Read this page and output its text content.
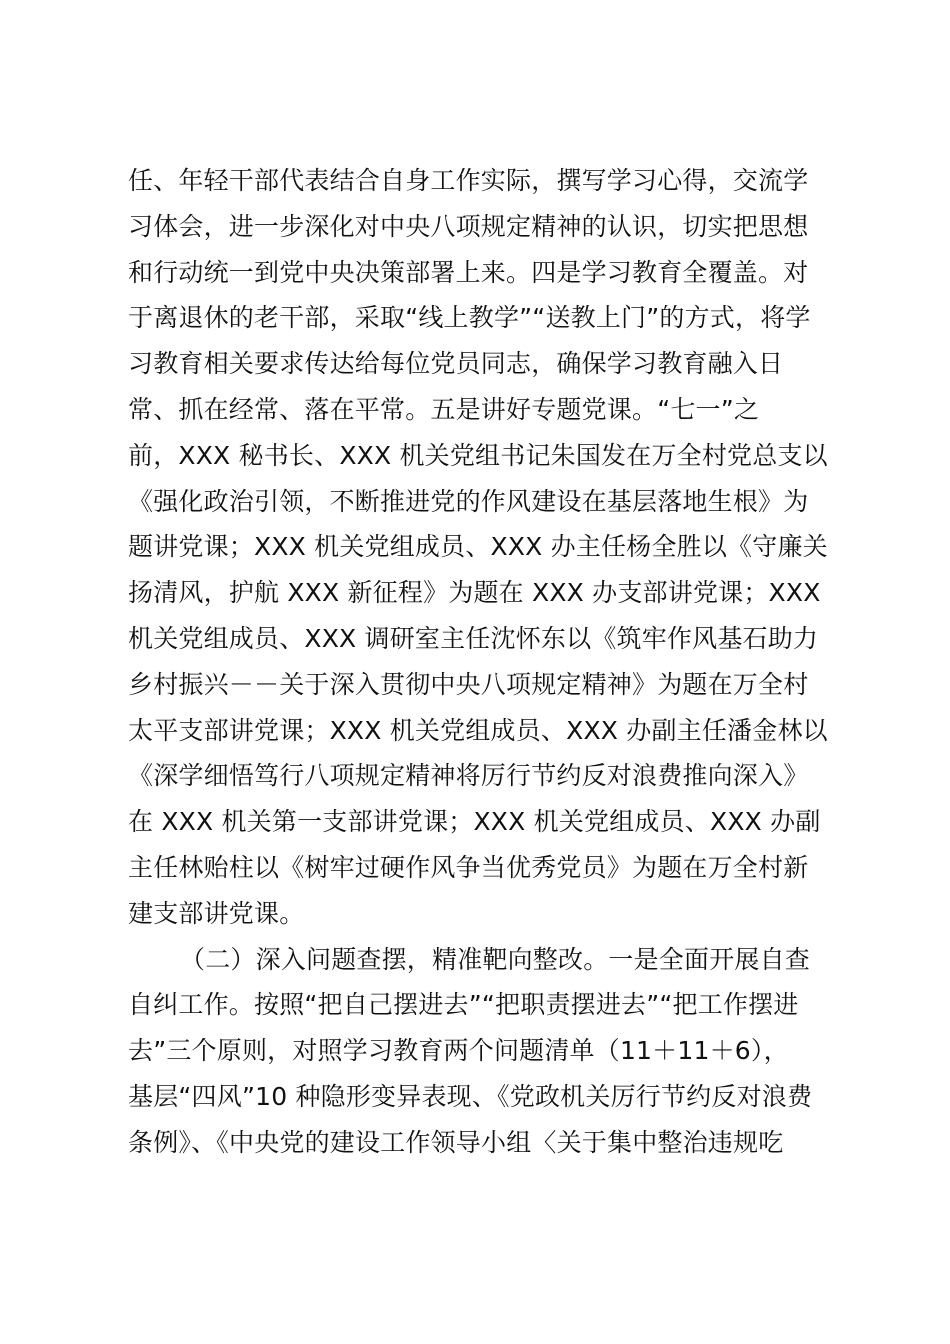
任、年轻干部代表结合自身工作实际，撰写学习心得，交流学
习体会，进一步深化对中央八项规定精神的认识，切实把思想
和行动统一到党中央决策部署上来。四是学习教育全覆盖。对
于离退休的老干部，采取“线上教学”“送教上门”的方式，将学
习教育相关要求传达给每位党员同志，确保学习教育融入日
常、抓在经常、落在平常。五是讲好专题党课。“七一”之
前，XXX 秘书长、XXX 机关党组书记朱国发在万全村党总支以
《强化政治引领，不断推进党的作风建设在基层落地生根》为
题讲党课；XXX 机关党组成员、XXX 办主任杨全胜以《守廉关
扬清风，护航 XXX 新征程》为题在 XXX 办支部讲党课；XXX
机关党组成员、XXX 调研室主任沈怀东以《筑牢作风基石助力
乡村振兴－－关于深入贯彻中央八项规定精神》为题在万全村
太平支部讲党课；XXX 机关党组成员、XXX 办副主任潘金林以
《深学细悟笃行八项规定精神将厉行节约反对浪费推向深入》
在 XXX 机关第一支部讲党课；XXX 机关党组成员、XXX 办副
主任林贻柱以《树牢过硬作风争当优秀党员》为题在万全村新
建支部讲党课。
（二）深入问题查摆，精准靶向整改。一是全面开展自查
自纠工作。按照“把自己摆进去”“把职责摆进去”“把工作摆进
去”三个原则，对照学习教育两个问题清单（11＋11＋6），
基层“四风”10 种隐形变异表现、《党政机关厉行节约反对浪费
条例》、《中央党的建设工作领导小组〈关于集中整治违规吃
